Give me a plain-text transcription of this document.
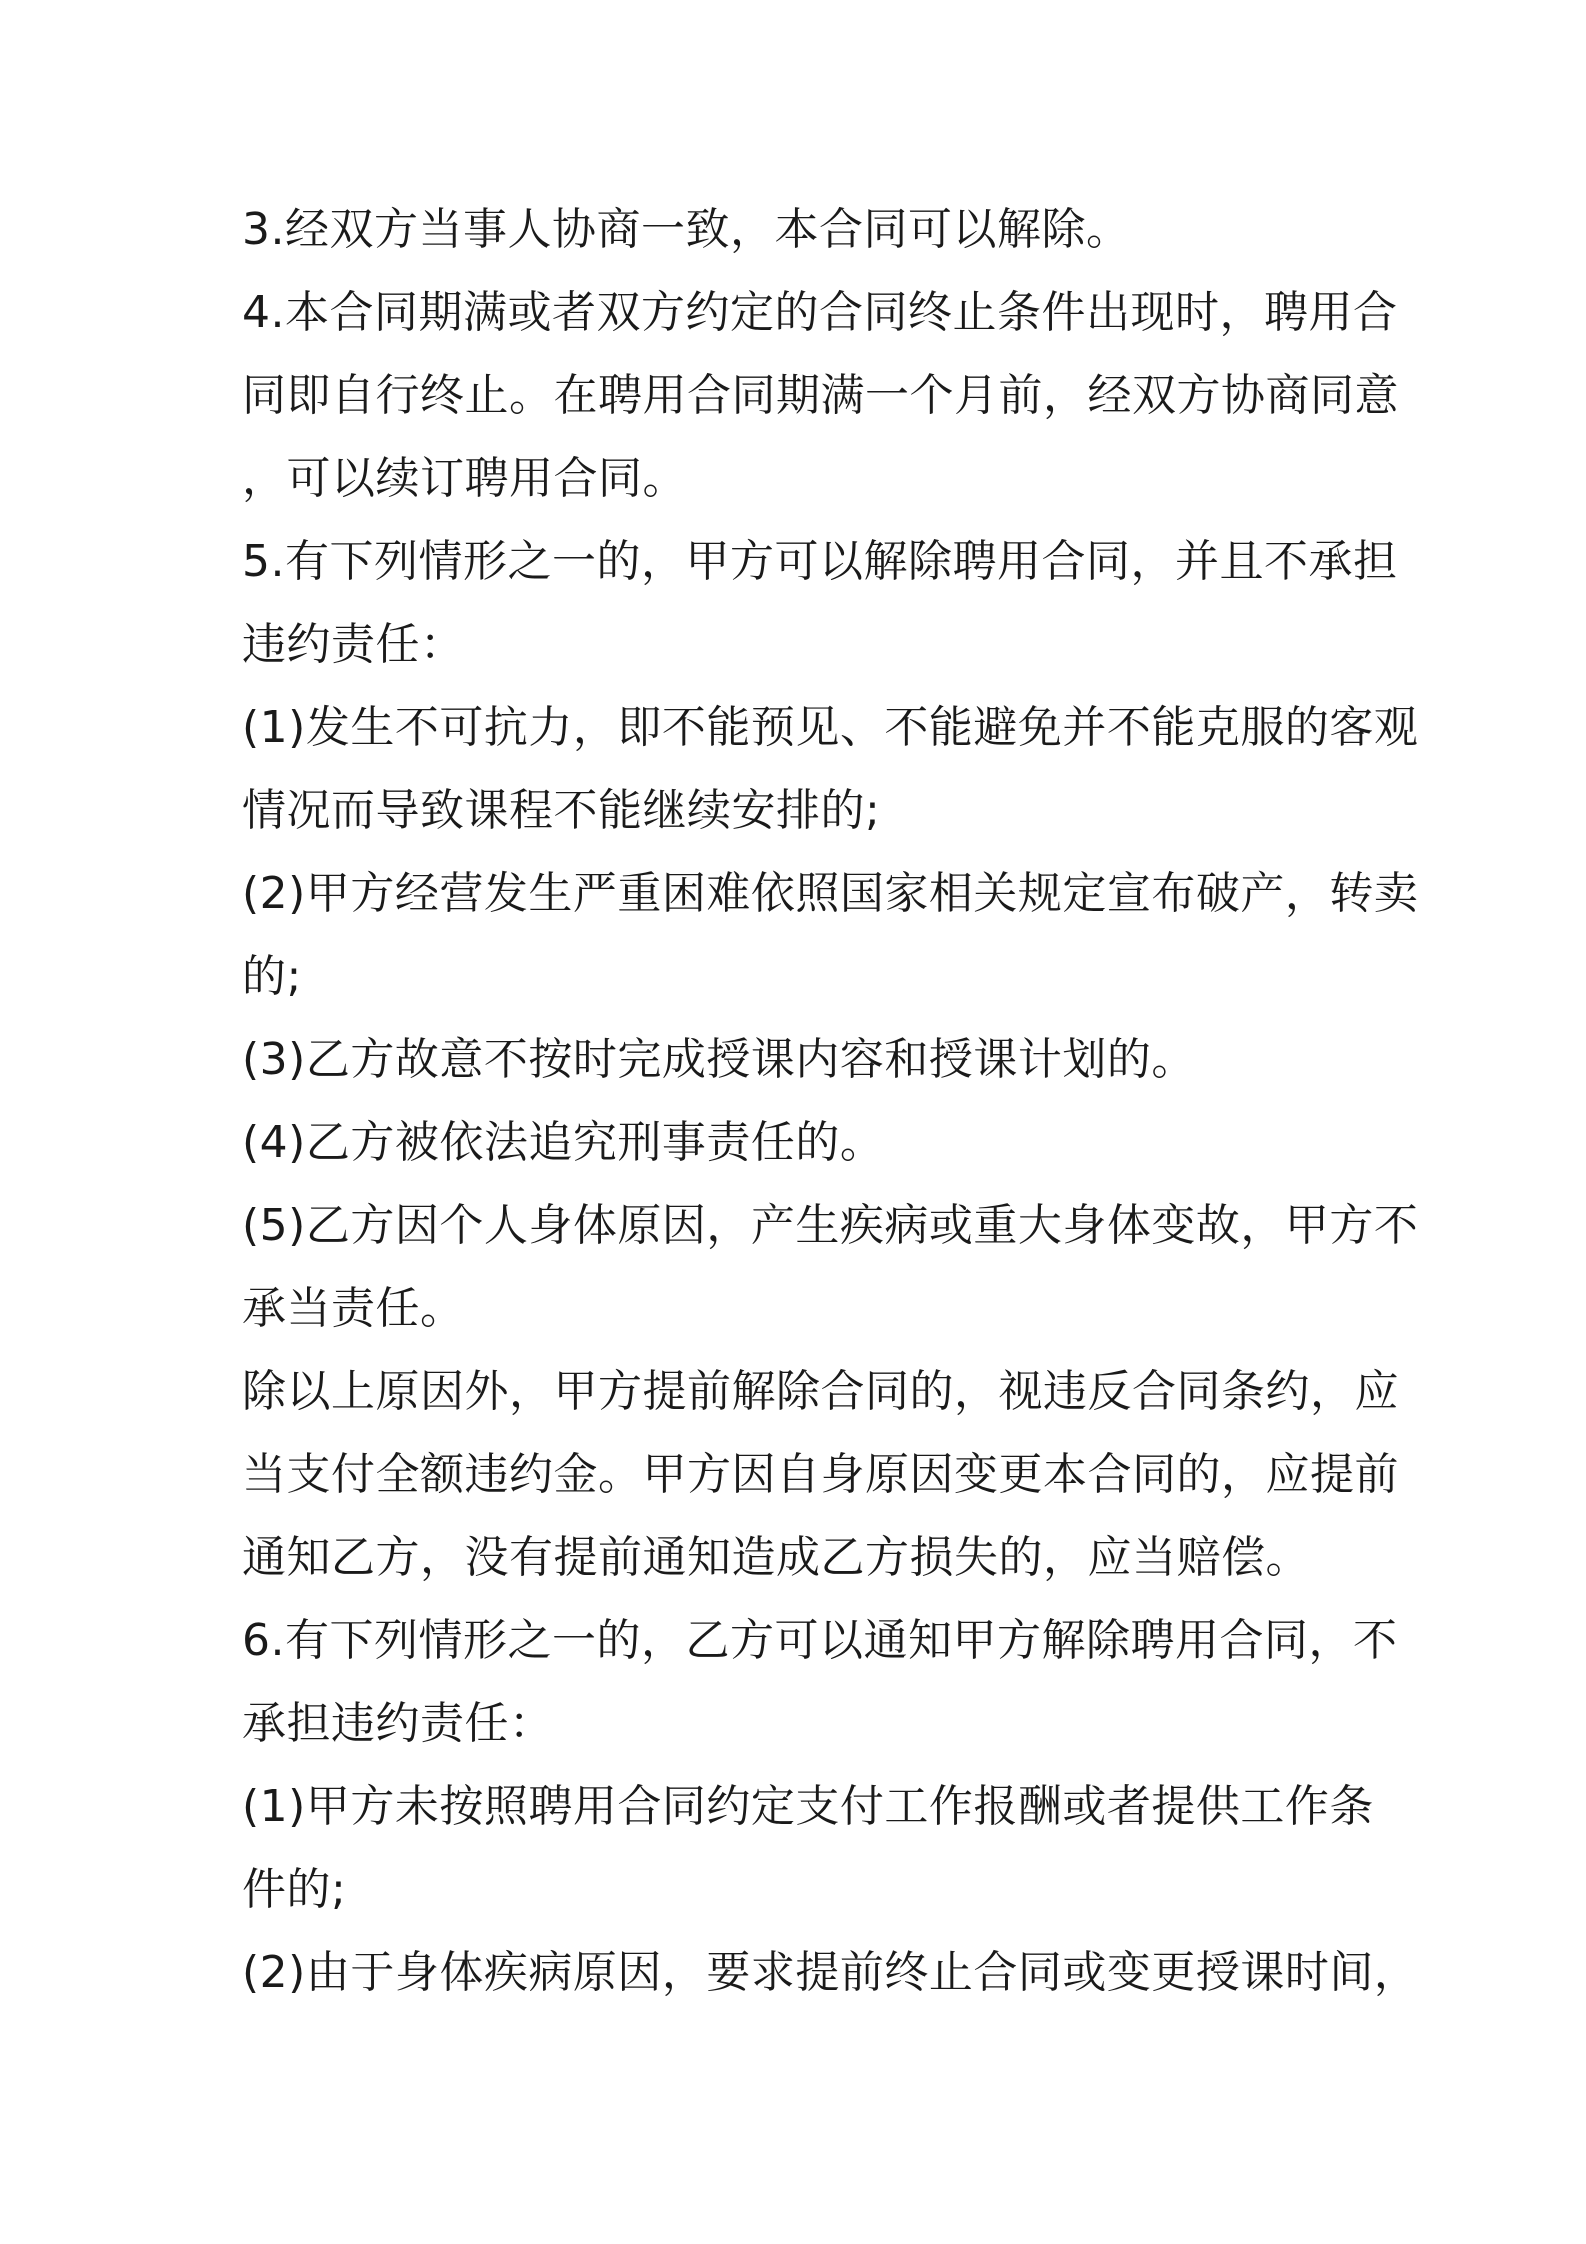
3.经双方当事人协商一致，本合同可以解除。

4.本合同期满或者双方约定的合同终止条件出现时，聘用合

同即自行终止。在聘用合同期满一个月前，经双方协商同意

，可以续订聘用合同。

5.有下列情形之一的，甲方可以解除聘用合同，并且不承担

违约责任：

(1)发生不可抗力，即不能预见、不能避免并不能克服的客观

情况而导致课程不能继续安排的;

(2)甲方经营发生严重困难依照国家相关规定宣布破产，转卖

的;

(3)乙方故意不按时完成授课内容和授课计划的。

(4)乙方被依法追究刑事责任的。

(5)乙方因个人身体原因，产生疾病或重大身体变故，甲方不

承当责任。

除以上原因外，甲方提前解除合同的，视违反合同条约，应

当支付全额违约金。甲方因自身原因变更本合同的，应提前

通知乙方，没有提前通知造成乙方损失的，应当赔偿。

6.有下列情形之一的，乙方可以通知甲方解除聘用合同，不

承担违约责任：

(1)甲方未按照聘用合同约定支付工作报酬或者提供工作条

件的;

(2)由于身体疾病原因，要求提前终止合同或变更授课时间，
